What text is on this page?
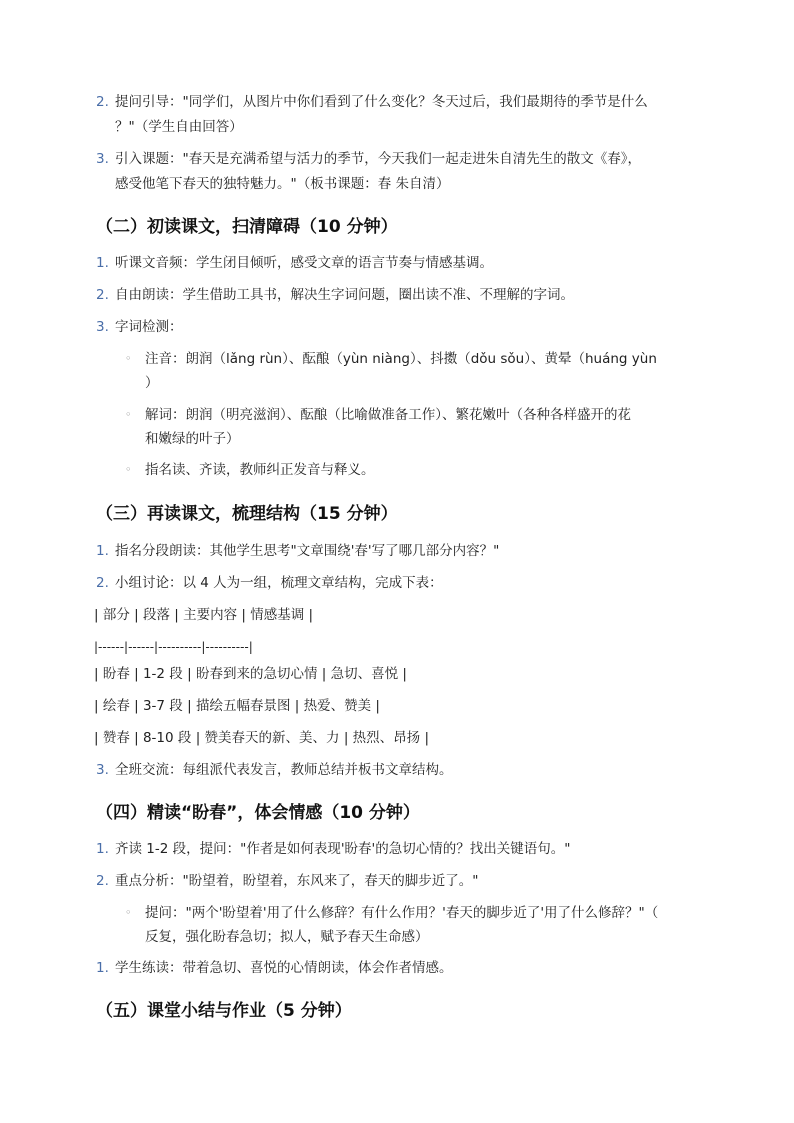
2. 提问引导："同学们，从图片中你们看到了什么变化？冬天过后，我们最期待的季节是什么
？"（学生自由回答）
3. 引入课题："春天是充满希望与活力的季节，今天我们一起走进朱自清先生的散文《春》，
感受他笔下春天的独特魅力。"（板书课题：春 朱自清）
（二）初读课文，扫清障碍（10 分钟）
1. 听课文音频：学生闭目倾听，感受文章的语言节奏与情感基调。
2. 自由朗读：学生借助工具书，解决生字词问题，圈出读不准、不理解的字词。
3. 字词检测：
◦ 注音：朗润（lǎng rùn）、酝酿（yùn niàng）、抖擞（dǒu sǒu）、黄晕（huáng yùn
）
◦ 解词：朗润（明亮滋润）、酝酿（比喻做准备工作）、繁花嫩叶（各种各样盛开的花
和嫩绿的叶子）
◦ 指名读、齐读，教师纠正发音与释义。
（三）再读课文，梳理结构（15 分钟）
1. 指名分段朗读：其他学生思考"文章围绕'春'写了哪几部分内容？"
2. 小组讨论：以 4 人为一组，梳理文章结构，完成下表：
| 部分 | 段落 | 主要内容 | 情感基调 |
|------|------|----------|----------|
| 盼春 | 1-2 段 | 盼春到来的急切心情 | 急切、喜悦 |
| 绘春 | 3-7 段 | 描绘五幅春景图 | 热爱、赞美 |
| 赞春 | 8-10 段 | 赞美春天的新、美、力 | 热烈、昂扬 |
3. 全班交流：每组派代表发言，教师总结并板书文章结构。
（四）精读“盼春”，体会情感（10 分钟）
1. 齐读 1-2 段，提问："作者是如何表现'盼春'的急切心情的？找出关键语句。"
2. 重点分析："盼望着，盼望着，东风来了，春天的脚步近了。"
◦ 提问："两个'盼望着'用了什么修辞？有什么作用？'春天的脚步近了'用了什么修辞？"（
反复，强化盼春急切；拟人，赋予春天生命感）
1. 学生练读：带着急切、喜悦的心情朗读，体会作者情感。
（五）课堂小结与作业（5 分钟）
